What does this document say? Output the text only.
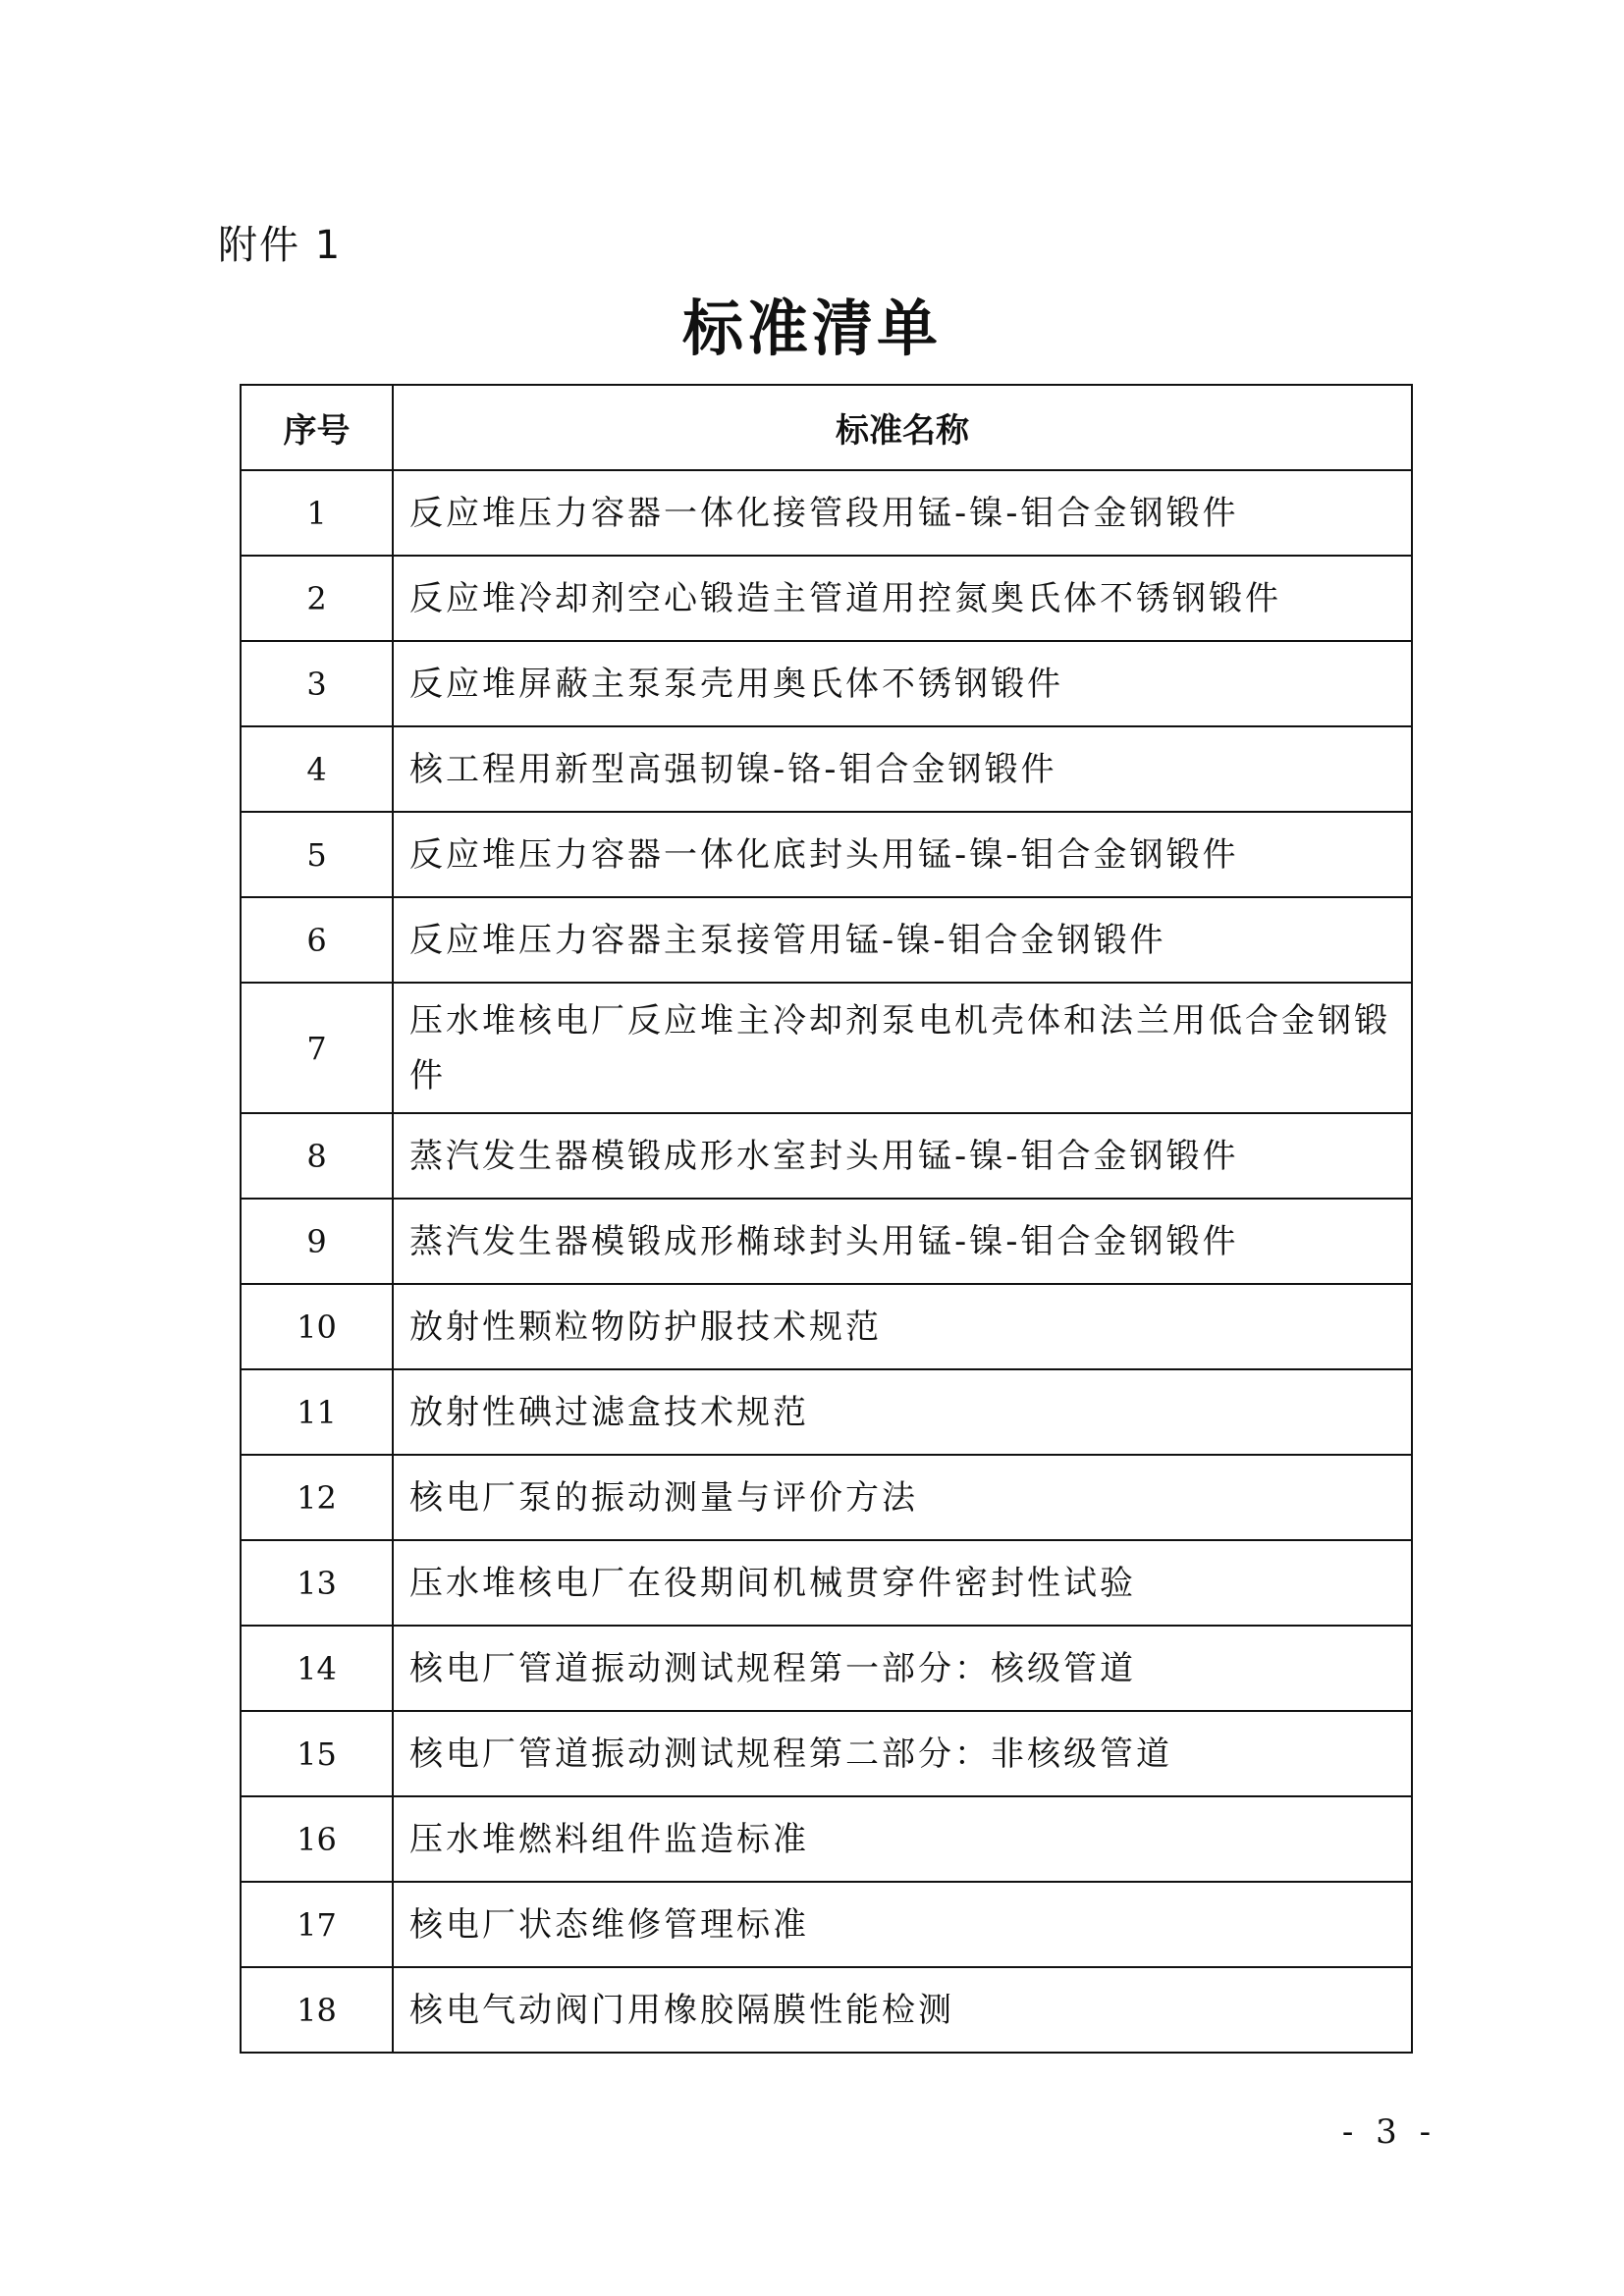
附件 1
标准清单
序号	标准名称
1	反应堆压力容器一体化接管段用锰-镍-钼合金钢锻件
2	反应堆冷却剂空心锻造主管道用控氮奥氏体不锈钢锻件
3	反应堆屏蔽主泵泵壳用奥氏体不锈钢锻件
4	核工程用新型高强韧镍-铬-钼合金钢锻件
5	反应堆压力容器一体化底封头用锰-镍-钼合金钢锻件
6	反应堆压力容器主泵接管用锰-镍-钼合金钢锻件
7	压水堆核电厂反应堆主冷却剂泵电机壳体和法兰用低合金钢锻件
8	蒸汽发生器模锻成形水室封头用锰-镍-钼合金钢锻件
9	蒸汽发生器模锻成形椭球封头用锰-镍-钼合金钢锻件
10	放射性颗粒物防护服技术规范
11	放射性碘过滤盒技术规范
12	核电厂泵的振动测量与评价方法
13	压水堆核电厂在役期间机械贯穿件密封性试验
14	核电厂管道振动测试规程第一部分：核级管道
15	核电厂管道振动测试规程第二部分：非核级管道
16	压水堆燃料组件监造标准
17	核电厂状态维修管理标准
18	核电气动阀门用橡胶隔膜性能检测
- 3 -
